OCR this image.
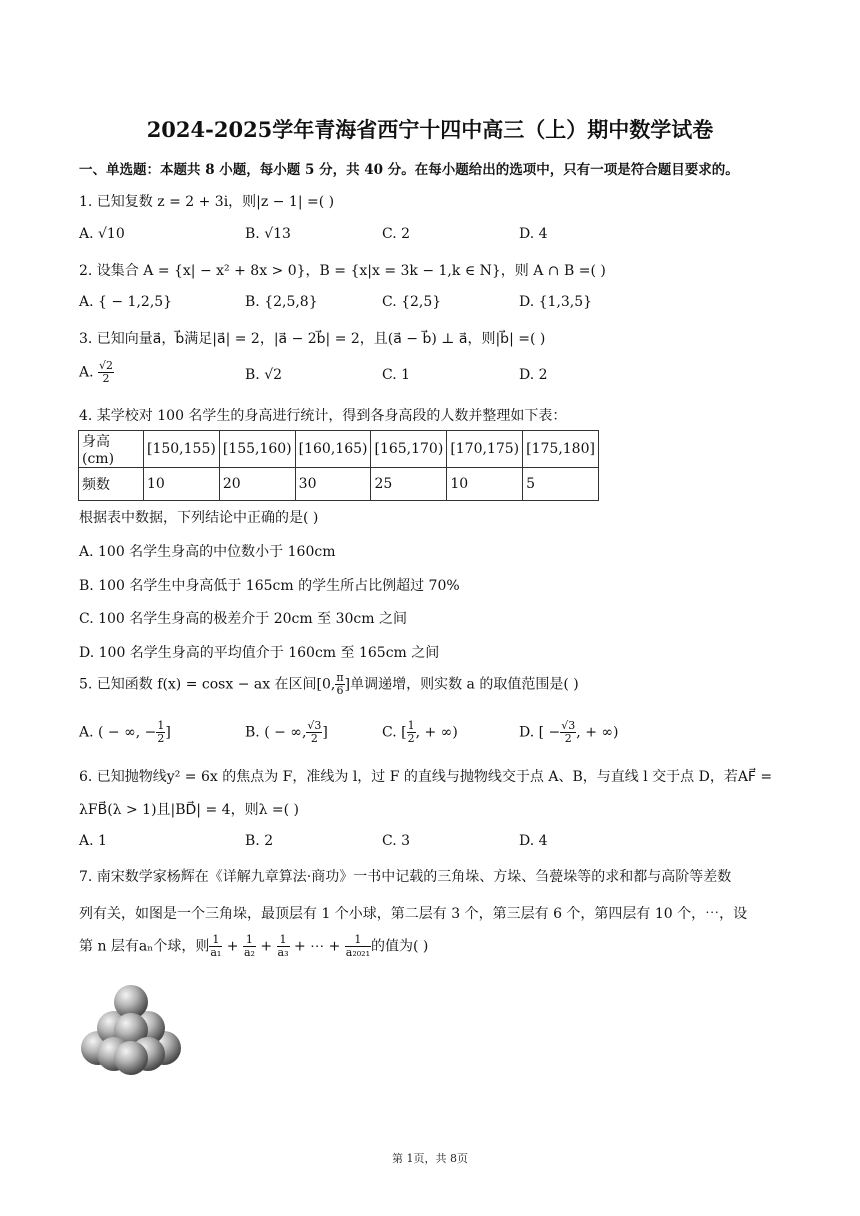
2024-2025学年青海省西宁十四中高三（上）期中数学试卷
一、单选题：本题共 8 小题，每小题 5 分，共 40 分。在每小题给出的选项中，只有一项是符合题目要求的。
1. 已知复数 z = 2 + 3i，则|z − 1| =( )
A. √10	B. √13	C. 2	D. 4
2. 设集合 A = {x| − x² + 8x > 0}，B = {x|x = 3k − 1,k ∈ N}，则 A ∩ B =( )
A. { − 1,2,5}	B. {2,5,8}	C. {2,5}	D. {1,3,5}
3. 已知向量a⃗，b⃗满足|a⃗| = 2，|a⃗ − 2b⃗| = 2，且(a⃗ − b⃗) ⊥ a⃗，则|b⃗| =( )
A. $\frac{√2}{2}$	B. √2	C. 1	D. 2
4. 某学校对 100 名学生的身高进行统计，得到各身高段的人数并整理如下表：
身高(cm)	[150,155)	[155,160)	[160,165)	[165,170)	[170,175)	[175,180]
频数	10	20	30	25	10	5
根据表中数据，下列结论中正确的是( )
A. 100 名学生身高的中位数小于 160cm
B. 100 名学生中身高低于 165cm 的学生所占比例超过 70%
C. 100 名学生身高的极差介于 20cm 至 30cm 之间
D. 100 名学生身高的平均值介于 160cm 至 165cm 之间
5. 已知函数 f(x) = cosx − ax 在区间[0, $\frac{\pi}{6}$ ]单调递增，则实数 a 的取值范围是( )
A. ( − ∞, − $\frac{1}{2}$ ]	B. ( − ∞, $\frac{√3}{2}$ ]	C. [ $\frac{1}{2}$ , + ∞)	D. [ − $\frac{√3}{2}$ , + ∞)
6. 已知抛物线y² = 6x 的焦点为 F，准线为 l，过 F 的直线与抛物线交于点 A、B，与直线 l 交于点 D，若AF⃗ =
λFB⃗(λ > 1)且|BD⃗| = 4，则λ =( )
A. 1	B. 2	C. 3	D. 4
7. 南宋数学家杨辉在《详解九章算法·商功》一书中记载的三角垛、方垛、刍甍垛等的求和都与高阶等差数
列有关，如图是一个三角垛，最顶层有 1 个小球，第二层有 3 个，第三层有 6 个，第四层有 10 个，⋯，设
第 n 层有aₙ个球，则 $\frac{1}{\text{a₁}} + \frac{1}{\text{a₂}} + \frac{1}{\text{a₃}}$ + ⋯ + $\frac{1}{\text{a₂₀₂₁}}$ 的值为( )
第 1页，共 8页
